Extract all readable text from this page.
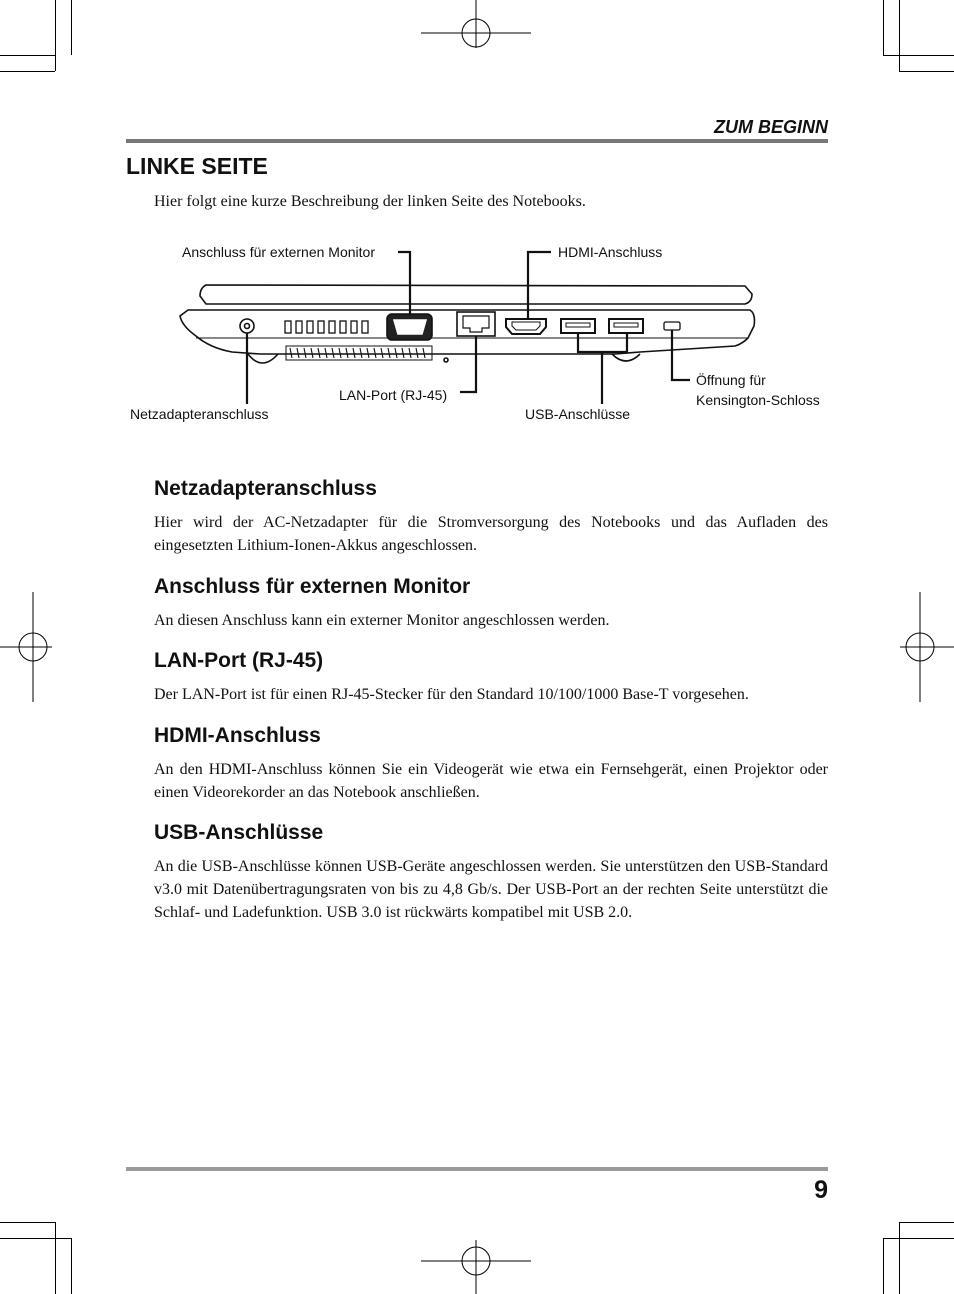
ZUM BEGINN
LINKE SEITE

Hier folgt eine kurze Beschreibung der linken Seite des Notebooks.

Anschluss für externen Monitor	HDMI-Anschluss
Netzadapteranschluss
LAN-Port (RJ-45)
USB-Anschlüsse
Öffnung für
Kensington-Schloss
Netzadapteranschluss

Hier wird der AC-Netzadapter für die Stromversorgung des Notebooks und das Aufladen des eingesetzten Lithium-Ionen-Akkus angeschlossen.

Anschluss für externen Monitor

An diesen Anschluss kann ein externer Monitor angeschlossen werden.

LAN-Port (RJ-45)

Der LAN-Port ist für einen RJ-45-Stecker für den Standard 10/100/1000 Base-T vorgesehen.

HDMI-Anschluss

An den HDMI-Anschluss können Sie ein Videogerät wie etwa ein Fernsehgerät, einen Projektor oder einen Videorekorder an das Notebook anschließen.

USB-Anschlüsse

An die USB-Anschlüsse können USB-Geräte angeschlossen werden. Sie unterstützen den USB-Standard v3.0 mit Datenübertragungsraten von bis zu 4,8 Gb/s. Der USB-Port an der rechten Seite unterstützt die Schlaf- und Ladefunktion. USB 3.0 ist rückwärts kompatibel mit USB 2.0.

9
